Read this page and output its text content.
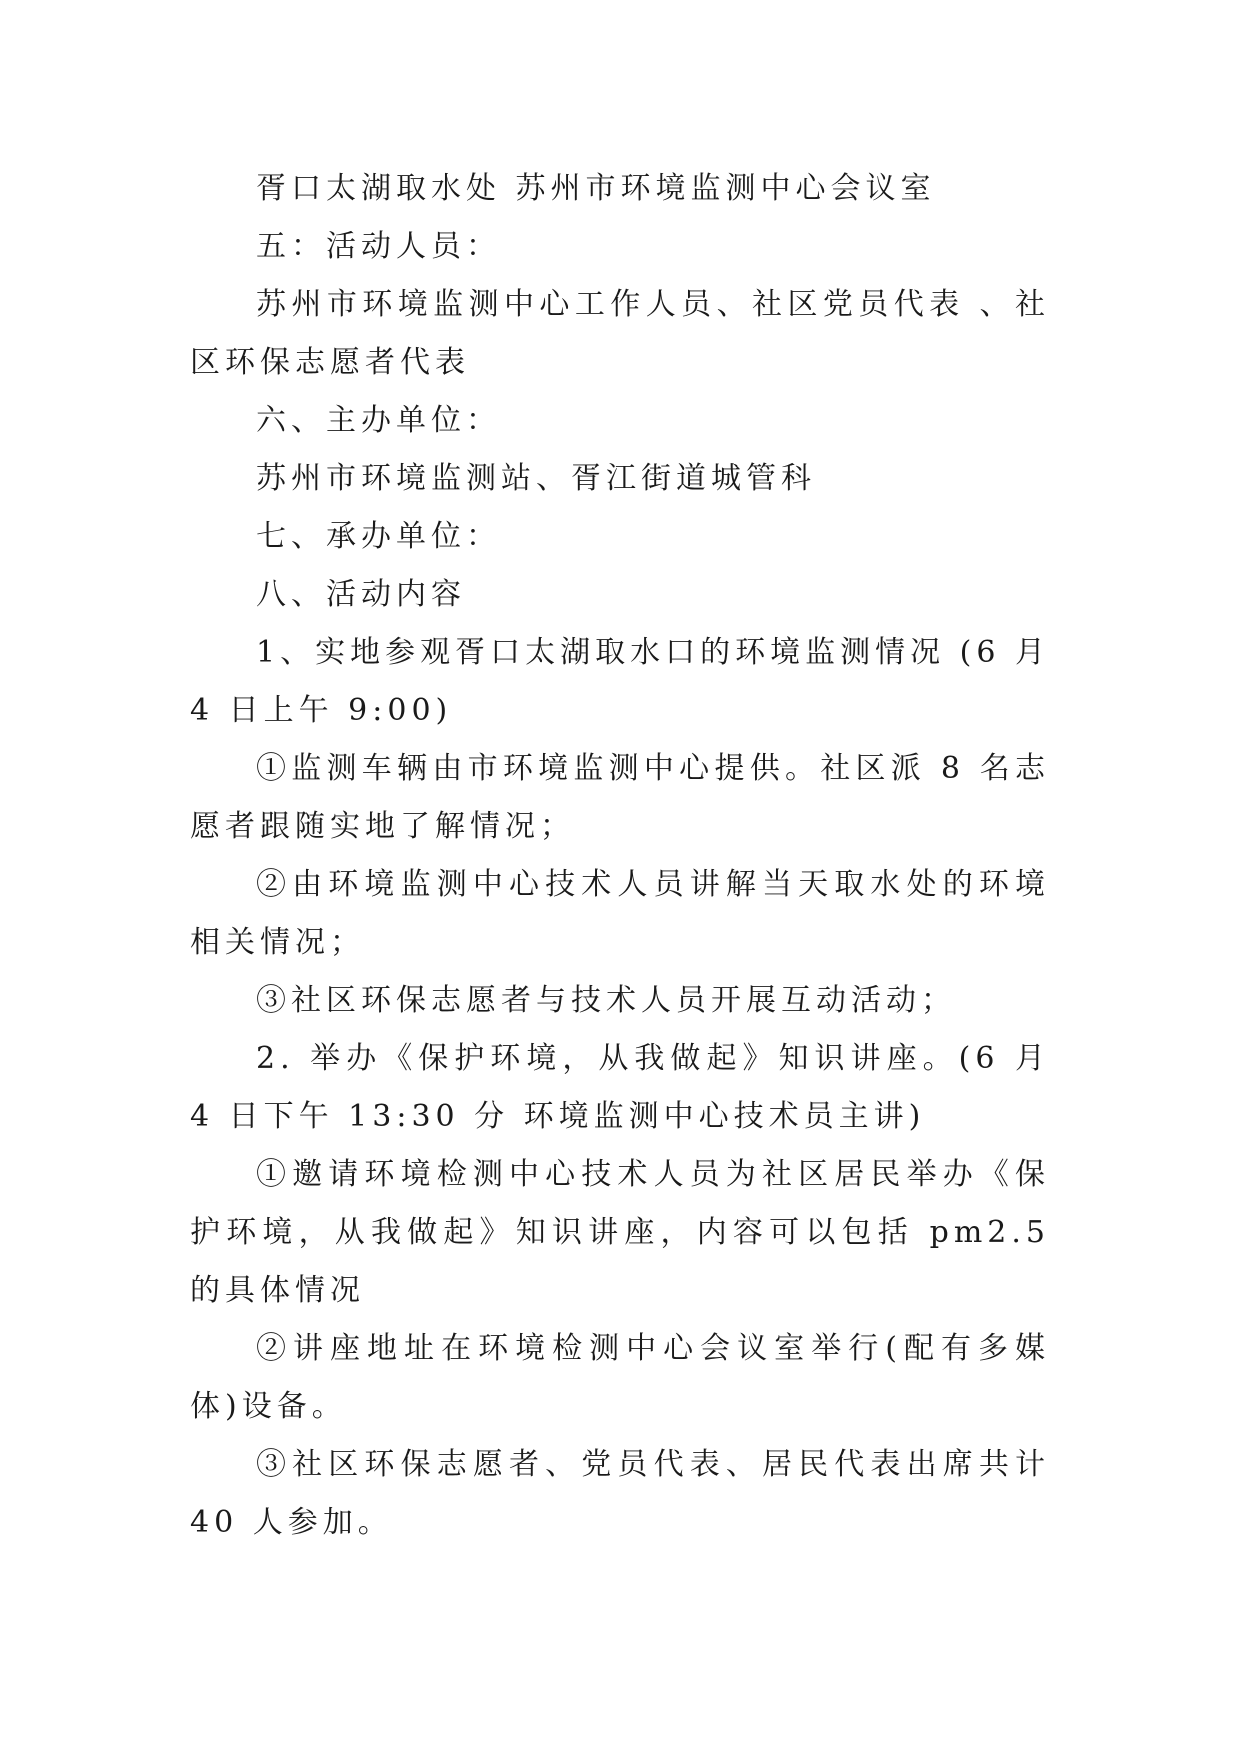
胥口太湖取水处 苏州市环境监测中心会议室

五：活动人员：

苏州市环境监测中心工作人员、社区党员代表 、社区环保志愿者代表

六、主办单位：

苏州市环境监测站、胥江街道城管科

七、承办单位：

八、活动内容

1、实地参观胥口太湖取水口的环境监测情况 (6 月 4 日上午 9:00)

①监测车辆由市环境监测中心提供。社区派 8 名志愿者跟随实地了解情况；

②由环境监测中心技术人员讲解当天取水处的环境相关情况；

③社区环保志愿者与技术人员开展互动活动；

2. 举办《保护环境，从我做起》知识讲座。(6 月 4 日下午 13:30 分 环境监测中心技术员主讲)

①邀请环境检测中心技术人员为社区居民举办《保护环境，从我做起》知识讲座，内容可以包括 pm2.5 的具体情况

②讲座地址在环境检测中心会议室举行(配有多媒体)设备。

③社区环保志愿者、党员代表、居民代表出席共计 40 人参加。
